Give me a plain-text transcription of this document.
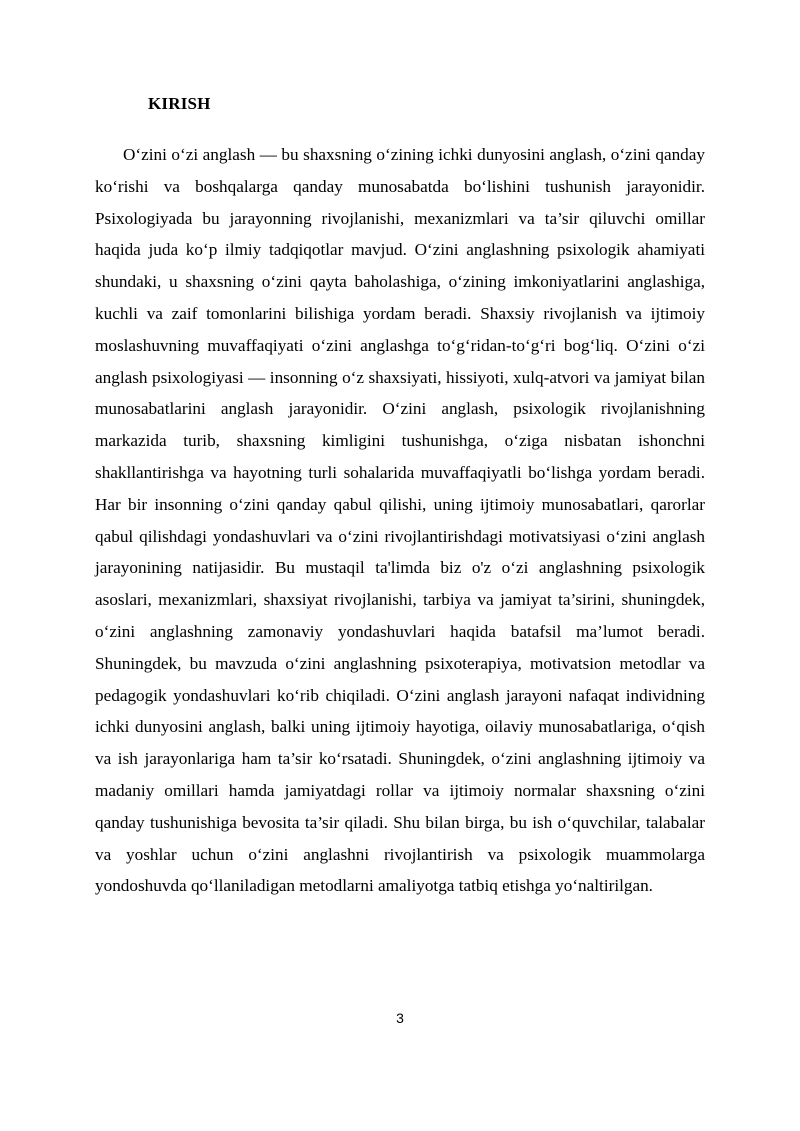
KIRISH

O‘zini o‘zi anglash — bu shaxsning o‘zining ichki dunyosini anglash, o‘zini qanday ko‘rishi va boshqalarga qanday munosabatda bo‘lishini tushunish jarayonidir. Psixologiyada bu jarayonning rivojlanishi, mexanizmlari va ta’sir qiluvchi omillar haqida juda ko‘p ilmiy tadqiqotlar mavjud. O‘zini anglashning psixologik ahamiyati shundaki, u shaxsning o‘zini qayta baholashiga, o‘zining imkoniyatlarini anglashiga, kuchli va zaif tomonlarini bilishiga yordam beradi. Shaxsiy rivojlanish va ijtimoiy moslashuvning muvaffaqiyati o‘zini anglashga to‘g‘ridan-to‘g‘ri bog‘liq. O‘zini o‘zi anglash psixologiyasi — insonning o‘z shaxsiyati, hissiyoti, xulq-atvori va jamiyat bilan munosabatlarini anglash jarayonidir. O‘zini anglash, psixologik rivojlanishning markazida turib, shaxsning kimligini tushunishga, o‘ziga nisbatan ishonchni shakllantirishga va hayotning turli sohalarida muvaffaqiyatli bo‘lishga yordam beradi. Har bir insonning o‘zini qanday qabul qilishi, uning ijtimoiy munosabatlari, qarorlar qabul qilishdagi yondashuvlari va o‘zini rivojlantirishdagi motivatsiyasi o‘zini anglash jarayonining natijasidir. Bu mustaqil ta'limda biz o'z o‘zi anglashning psixologik asoslari, mexanizmlari, shaxsiyat rivojlanishi, tarbiya va jamiyat ta’sirini, shuningdek, o‘zini anglashning zamonaviy yondashuvlari haqida batafsil ma’lumot beradi. Shuningdek, bu mavzuda o‘zini anglashning psixoterapiya, motivatsion metodlar va pedagogik yondashuvlari ko‘rib chiqiladi. O‘zini anglash jarayoni nafaqat individning ichki dunyosini anglash, balki uning ijtimoiy hayotiga, oilaviy munosabatlariga, o‘qish va ish jarayonlariga ham ta’sir ko‘rsatadi. Shuningdek, o‘zini anglashning ijtimoiy va madaniy omillari hamda jamiyatdagi rollar va ijtimoiy normalar shaxsning o‘zini qanday tushunishiga bevosita ta’sir qiladi. Shu bilan birga, bu ish o‘quvchilar, talabalar va yoshlar uchun o‘zini anglashni rivojlantirish va psixologik muammolarga yondoshuvda qo‘llaniladigan metodlarni amaliyotga tatbiq etishga yo‘naltirilgan.

3
